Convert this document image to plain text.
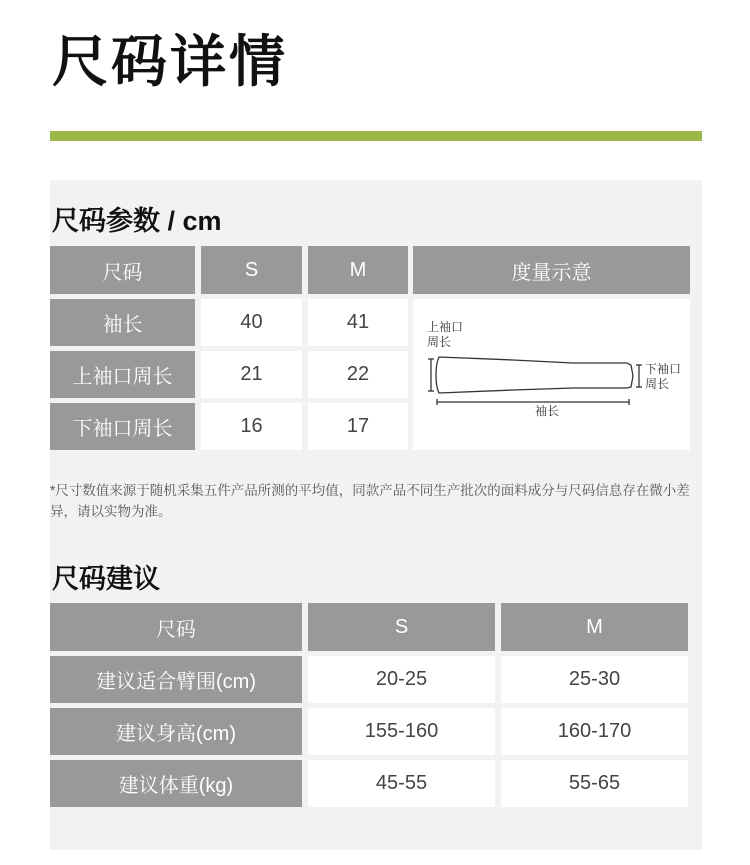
尺码详情
尺码参数 / cm
尺码	S	M	度量示意
袖长	40	41
上袖口周长	21	22
下袖口周长	16	17
上袖口
周长
下袖口
周长
袖长

*尺寸数值来源于随机采集五件产品所测的平均值，同款产品不同生产批次的面料成分与尺码信息存在微小差异，请以实物为准。

尺码建议
尺码	S	M
建议适合臂围(cm)	20-25	25-30
建议身高(cm)	155-160	160-170
建议体重(kg)	45-55	55-65
